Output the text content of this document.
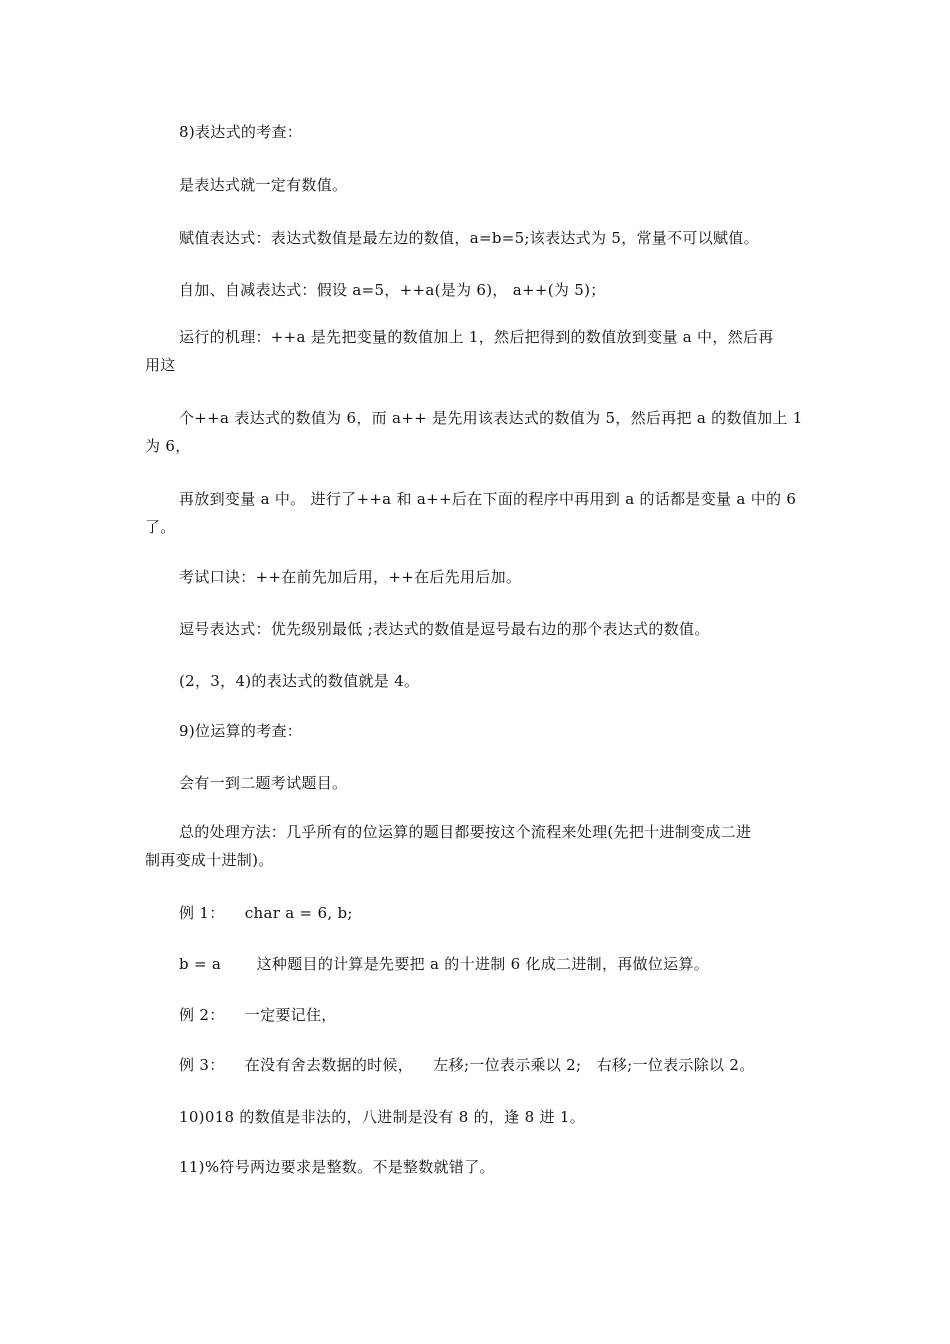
8)表达式的考查：

是表达式就一定有数值。

赋值表达式：表达式数值是最左边的数值，a=b=5;该表达式为 5，常量不可以赋值。

自加、自减表达式：假设 a=5，++a(是为 6)， a++(为 5)；

运行的机理：++a 是先把变量的数值加上 1，然后把得到的数值放到变量 a 中，然后再
用这

个++a 表达式的数值为 6，而 a++ 是先用该表达式的数值为 5，然后再把 a 的数值加上 1
为 6，

再放到变量 a 中。 进行了++a 和 a++后在下面的程序中再用到 a 的话都是变量 a 中的 6
了。

考试口诀：++在前先加后用，++在后先用后加。

逗号表达式：优先级别最低 ;表达式的数值是逗号最右边的那个表达式的数值。

(2，3，4)的表达式的数值就是 4。

9)位运算的考查：

会有一到二题考试题目。

总的处理方法：几乎所有的位运算的题目都要按这个流程来处理(先把十进制变成二进
制再变成十进制)。

例 1：    char a = 6, b;

b = a       这种题目的计算是先要把 a 的十进制 6 化成二进制，再做位运算。

例 2：    一定要记住，

例 3：    在没有舍去数据的时候，    左移;一位表示乘以 2;   右移;一位表示除以 2。

10)018 的数值是非法的，八进制是没有 8 的，逢 8 进 1。

11)%符号两边要求是整数。不是整数就错了。
